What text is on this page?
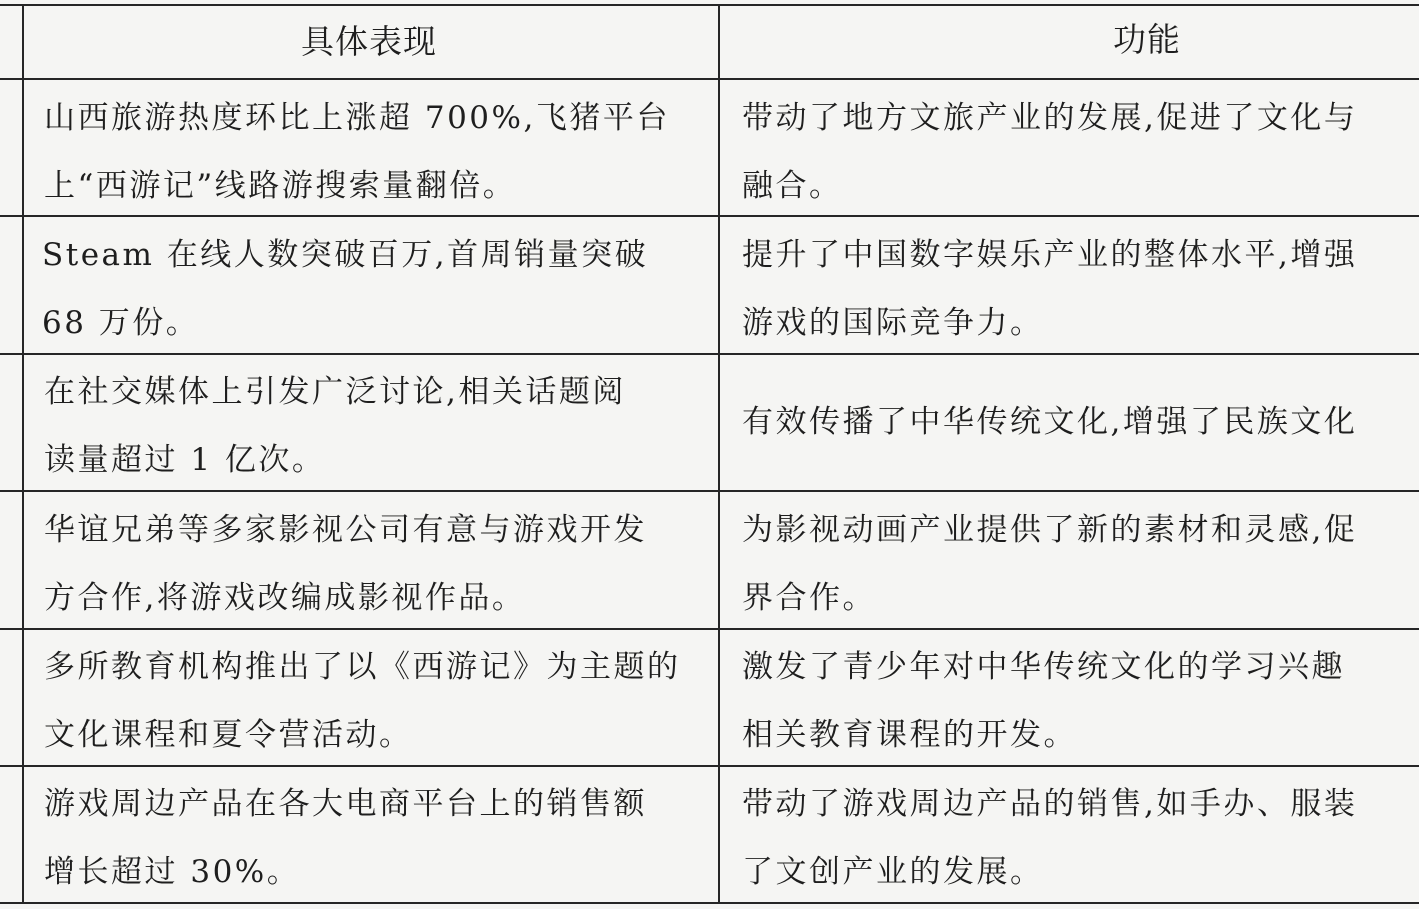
具体表现	功能
山西旅游热度环比上涨超 700%,飞猪平台
上“西游记”线路游搜索量翻倍。
带动了地方文旅产业的发展,促进了文化与
融合。
Steam 在线人数突破百万,首周销量突破
68 万份。
提升了中国数字娱乐产业的整体水平,增强
游戏的国际竞争力。
在社交媒体上引发广泛讨论,相关话题阅
读量超过 1 亿次。
有效传播了中华传统文化,增强了民族文化
华谊兄弟等多家影视公司有意与游戏开发
方合作,将游戏改编成影视作品。
为影视动画产业提供了新的素材和灵感,促
界合作。
多所教育机构推出了以《西游记》为主题的
文化课程和夏令营活动。
激发了青少年对中华传统文化的学习兴趣
相关教育课程的开发。
游戏周边产品在各大电商平台上的销售额
增长超过 30%。
带动了游戏周边产品的销售,如手办、服装
了文创产业的发展。
